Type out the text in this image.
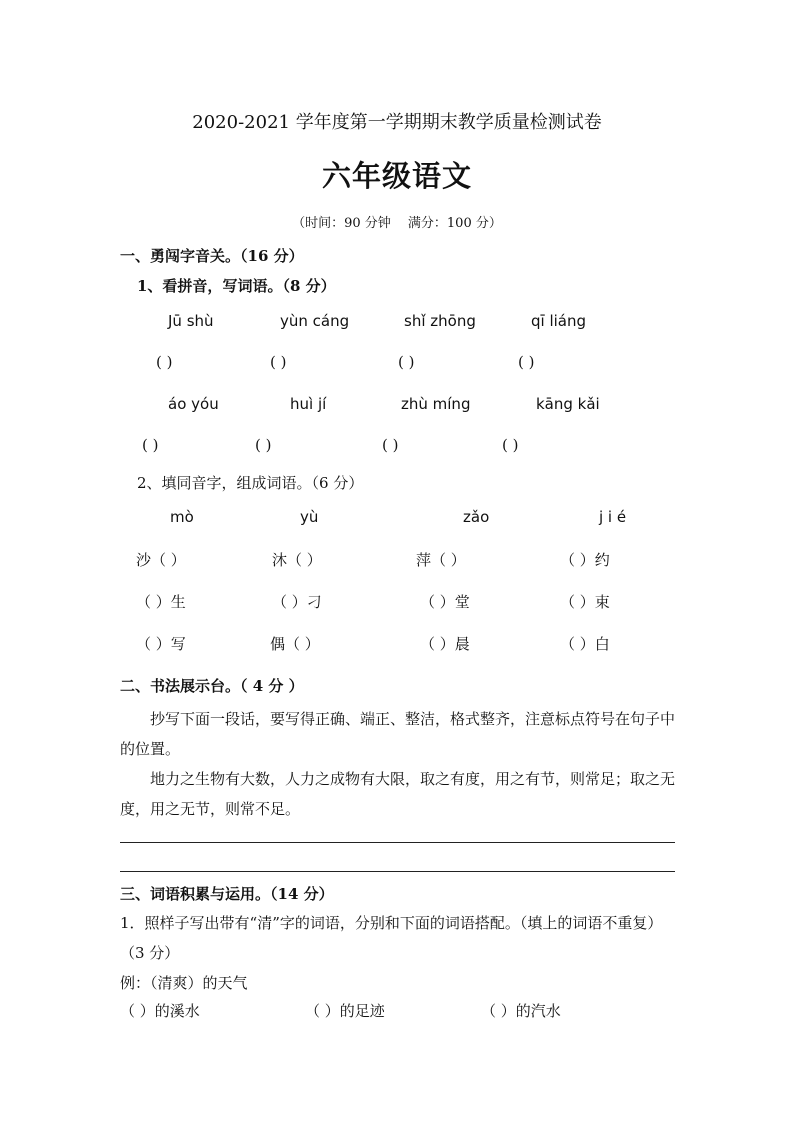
2020-2021 学年度第一学期期末教学质量检测试卷
六年级语文
（时间：90 分钟　 满分：100 分）
一、勇闯字音关。（16 分）
1、看拼音，写词语。（8 分）
Jū shù	yùn cáng	shǐ zhōng	qī liáng
( )	( )	( )	( )
áo yóu	huì jí	zhù míng	kāng kǎi
( )	( )	( )	( )
2、填同音字，组成词语。（6 分）
mò	yù	zǎo	j i é
沙（ ）	沐（ ）	萍（ ）	（ ）约
（ ）生	（ ）刁	（ ）堂	（ ）束
（ ）写	偶（ ）	（ ）晨	（ ）白
二、书法展示台。（ 4 分 ）
抄写下面一段话，要写得正确、端正、整洁，格式整齐，注意标点符号在句子中的位置。
地力之生物有大数，人力之成物有大限，取之有度，用之有节，则常足；取之无度，用之无节，则常不足。
三、词语积累与运用。（14 分）
1．照样子写出带有“清”字的词语，分别和下面的词语搭配。（填上的词语不重复）（3 分）
例：（清爽）的天气
（ ）的溪水	（ ）的足迹	（ ）的汽水
